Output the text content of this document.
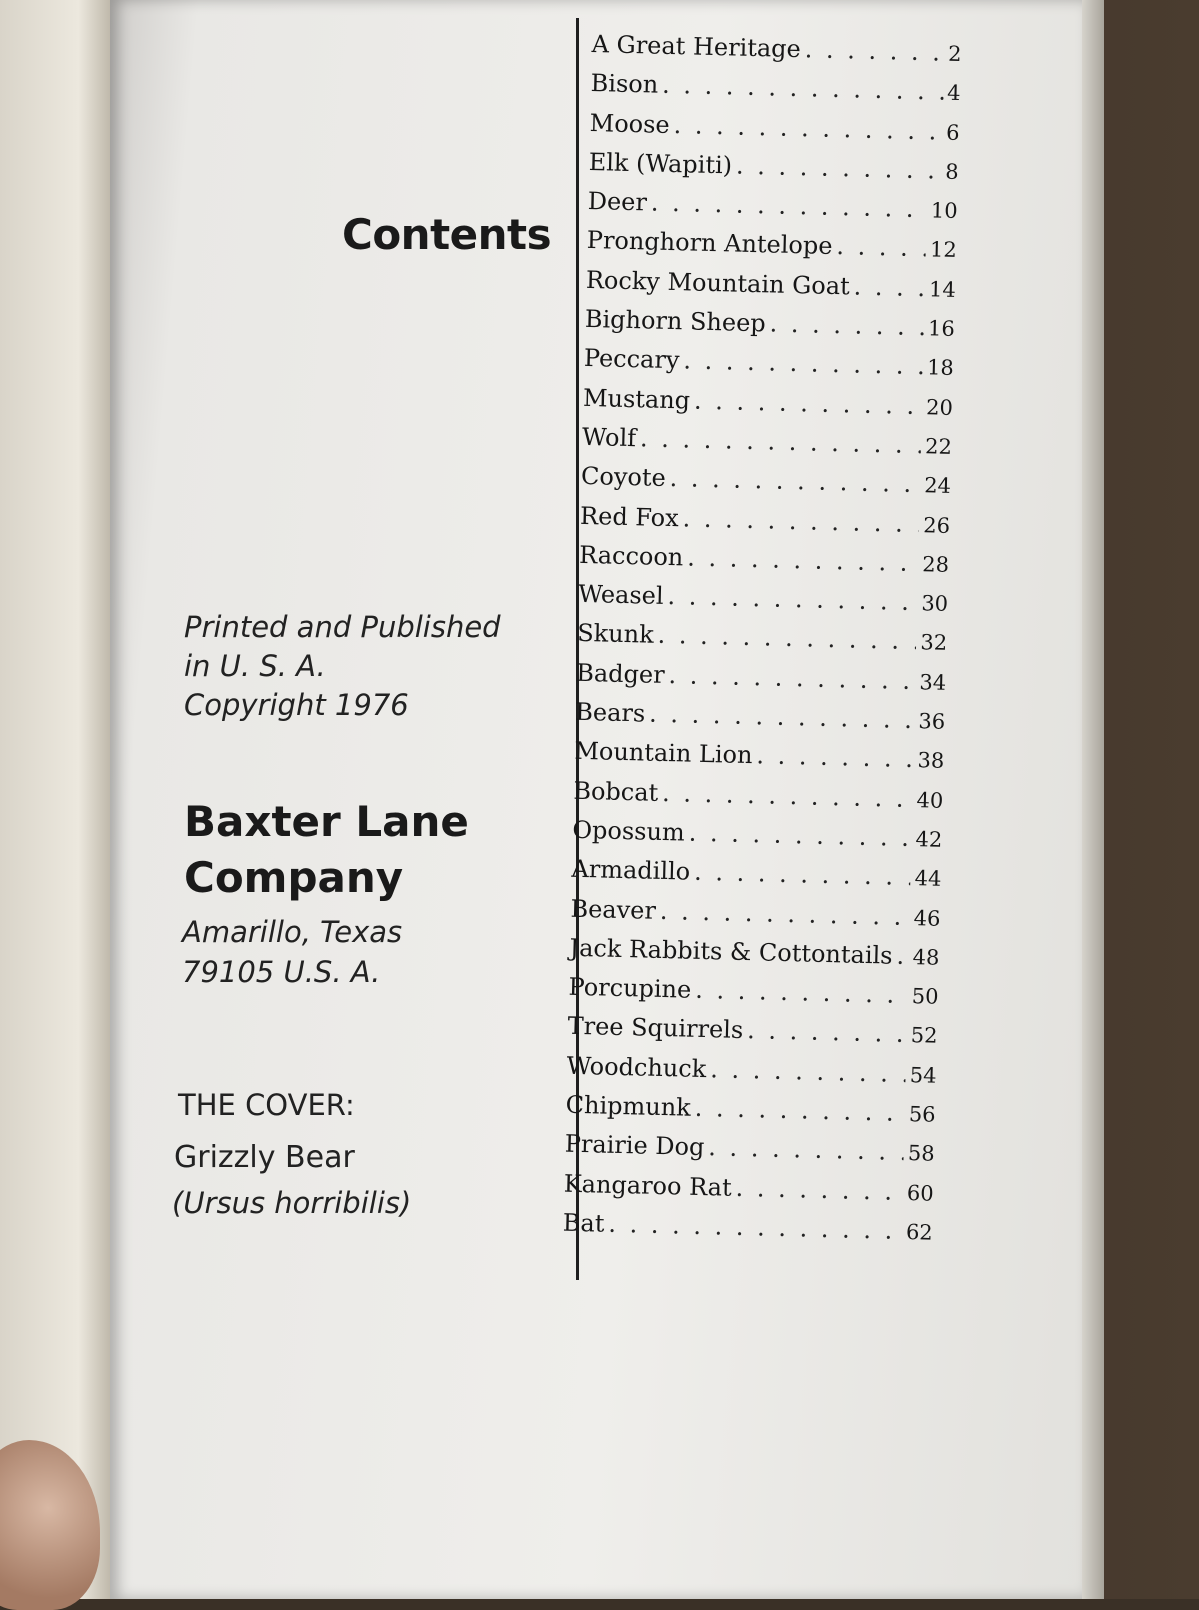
Contents
Printed and Published
in U. S. A.
Copyright 1976
Baxter Lane
Company
Amarillo, Texas
79105 U.S. A.
THE COVER:
Grizzly Bear
(Ursus horribilis)
A Great Heritage . . .	2
Bison . . .	4
Moose . . .	6
Elk (Wapiti) . . .	8
Deer . . .	10
Pronghorn Antelope . . .	12
Rocky Mountain Goat . . .	14
Bighorn Sheep . . .	16
Peccary . . .	18
Mustang . . .	20
Wolf . . .	22
Coyote . . .	24
Red Fox . . .	26
Raccoon . . .	28
Weasel . . .	30
Skunk . . .	32
Badger . . .	34
Bears . . .	36
Mountain Lion . . .	38
Bobcat . . .	40
Opossum . . .	42
Armadillo . . .	44
Beaver . . .	46
Jack Rabbits & Cottontails . . . 48
Porcupine . . .	50
Tree Squirrels . . .	52
Woodchuck . . .	54
Chipmunk . . .	56
Prairie Dog . . .	58
Kangaroo Rat . . .	60
Bat . . .	62
